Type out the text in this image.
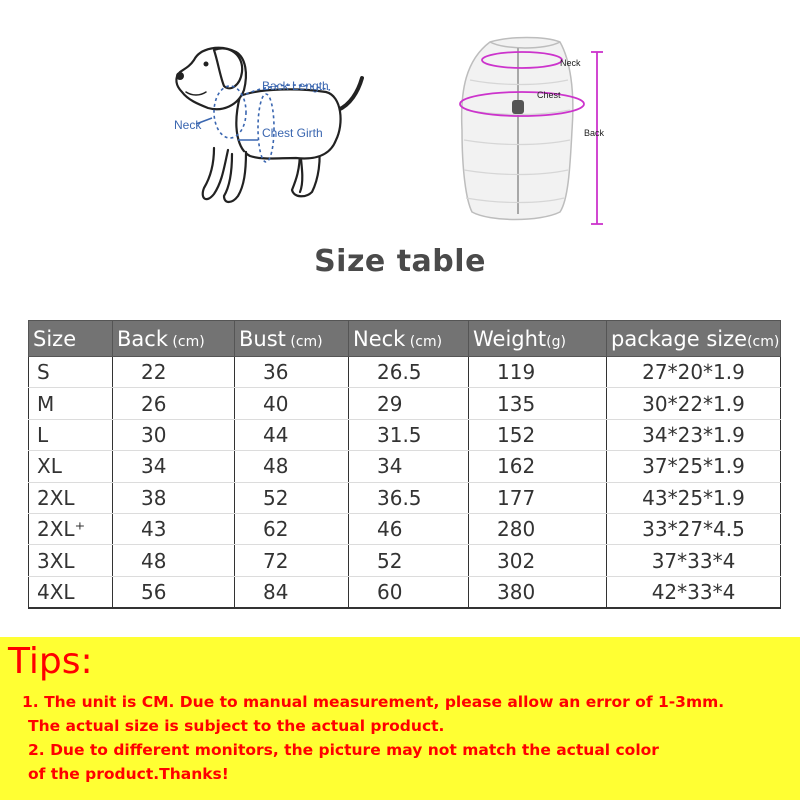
Back Length
Neck
Chest Girth
Neck
Chest
Back
Size table
Size	Back (cm)	Bust (cm)	Neck (cm)	Weight(g)	package size(cm)
S	22	36	26.5	119	27*20*1.9
M	26	40	29	135	30*22*1.9
L	30	44	31.5	152	34*23*1.9
XL	34	48	34	162	37*25*1.9
2XL	38	52	36.5	177	43*25*1.9
2XL⁺	43	62	46	280	33*27*4.5
3XL	48	72	52	302	37*33*4
4XL	56	84	60	380	42*33*4
Tips:
1. The unit is CM. Due to manual measurement, please allow an error of 1-3mm.
The actual size is subject to the actual product.
2. Due to different monitors, the picture may not match the actual color
of the product.Thanks!
